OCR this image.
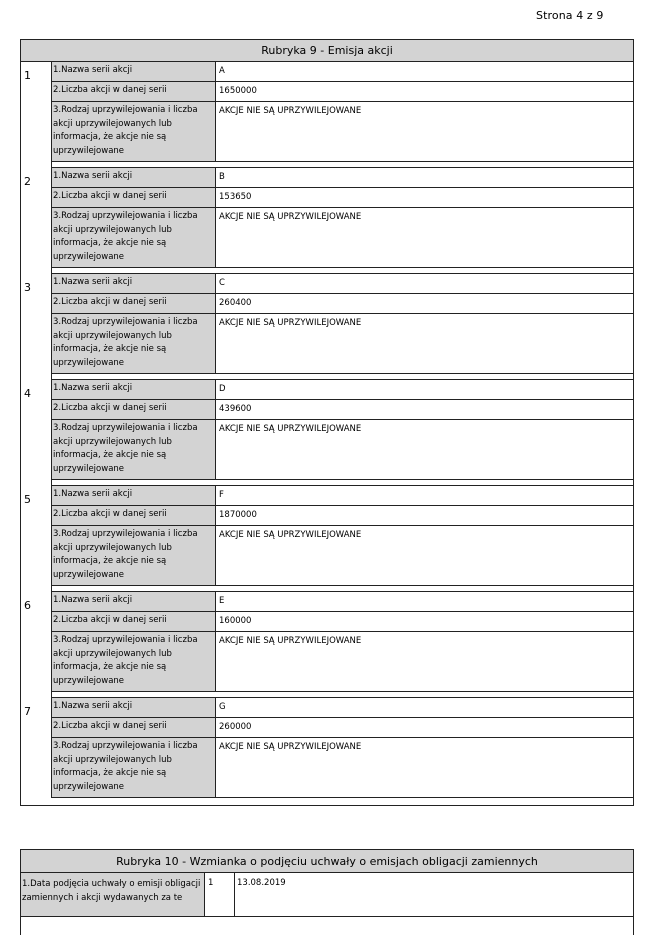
Strona 4 z 9
Rubryka 9 - Emisja akcji
1	1.Nazwa serii akcji	A
2.Liczba akcji w danej serii	1650000
3.Rodzaj uprzywilejowania i liczba akcji uprzywilejowanych lub informacja, że akcje nie są uprzywilejowane
AKCJE NIE SĄ UPRZYWILEJOWANE
2	1.Nazwa serii akcji	B
2.Liczba akcji w danej serii	153650
3.Rodzaj uprzywilejowania i liczba akcji uprzywilejowanych lub informacja, że akcje nie są uprzywilejowane
AKCJE NIE SĄ UPRZYWILEJOWANE
3	1.Nazwa serii akcji	C
2.Liczba akcji w danej serii	260400
3.Rodzaj uprzywilejowania i liczba akcji uprzywilejowanych lub informacja, że akcje nie są uprzywilejowane
AKCJE NIE SĄ UPRZYWILEJOWANE
4	1.Nazwa serii akcji	D
2.Liczba akcji w danej serii	439600
3.Rodzaj uprzywilejowania i liczba akcji uprzywilejowanych lub informacja, że akcje nie są uprzywilejowane
AKCJE NIE SĄ UPRZYWILEJOWANE
5	1.Nazwa serii akcji	F
2.Liczba akcji w danej serii	1870000
3.Rodzaj uprzywilejowania i liczba akcji uprzywilejowanych lub informacja, że akcje nie są uprzywilejowane
AKCJE NIE SĄ UPRZYWILEJOWANE
6	1.Nazwa serii akcji	E
2.Liczba akcji w danej serii	160000
3.Rodzaj uprzywilejowania i liczba akcji uprzywilejowanych lub informacja, że akcje nie są uprzywilejowane
AKCJE NIE SĄ UPRZYWILEJOWANE
7	1.Nazwa serii akcji	G
2.Liczba akcji w danej serii	260000
3.Rodzaj uprzywilejowania i liczba akcji uprzywilejowanych lub informacja, że akcje nie są uprzywilejowane
AKCJE NIE SĄ UPRZYWILEJOWANE
Rubryka 10 - Wzmianka o podjęciu uchwały o emisjach obligacji zamiennych
1.Data podjęcia uchwały o emisji obligacji zamiennych i akcji wydawanych za te
1	13.08.2019
